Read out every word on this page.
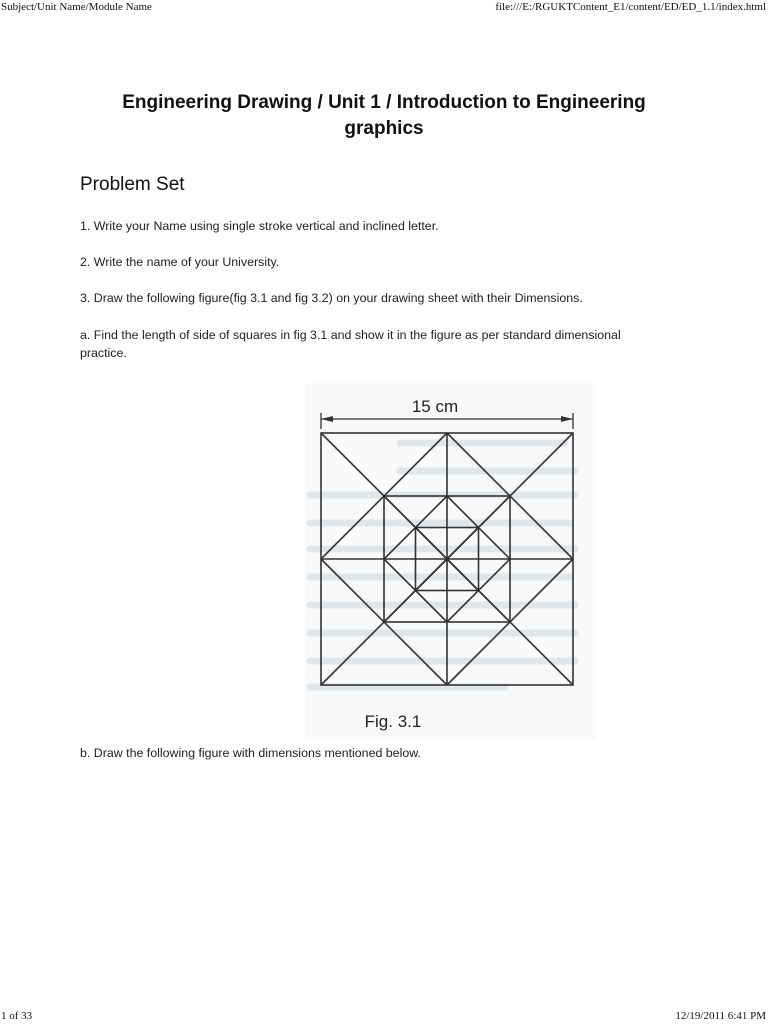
Subject/Unit Name/Module Name	file:///E:/RGUKTContent_E1/content/ED/ED_1.1/index.html
Engineering Drawing / Unit 1 / Introduction to Engineering graphics
Problem Set

1. Write your Name using single stroke vertical and inclined letter.

2. Write the name of your University.

3. Draw the following figure(fig 3.1 and fig 3.2) on your drawing sheet with their Dimensions.

a. Find the length of side of squares in fig 3.1 and show it in the figure as per standard dimensional practice.

15 cm
Fig. 3.1

b. Draw the following figure with dimensions mentioned below.

1 of 33	12/19/2011 6:41 PM
